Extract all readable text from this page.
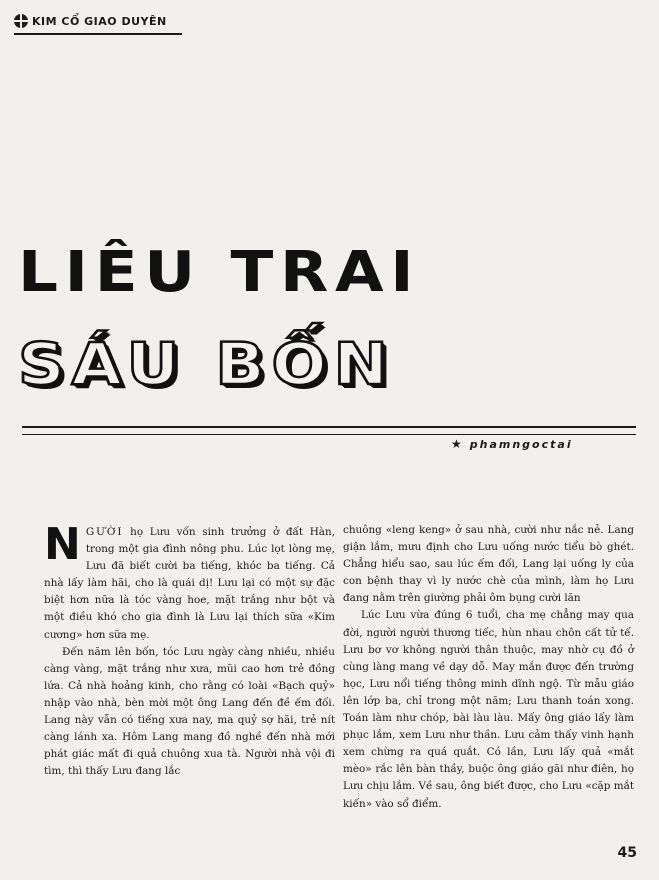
KIM CỔ GIAO DUYÊN
LIÊU TRAI
SÁU BỐN
★ phamngoctai

NGƯỜI họ Lưu vốn sinh trưởng ở đất Hàn, trong một gia đình nông phu. Lúc lọt lòng mẹ, Lưu đã biết cười ba tiếng, khóc ba tiếng. Cả nhà lấy làm hãi, cho là quái dị! Lưu lại có một sự đặc biệt hơn nữa là tóc vàng hoe, mặt trắng như bột và một điều khó cho gia đình là Lưu lại thích sữa «Kim cương» hơn sữa mẹ.

Đến năm lên bốn, tóc Lưu ngày càng nhiều, nhiều càng vàng, mặt trắng như xưa, mũi cao hơn trẻ đồng lứa. Cả nhà hoảng kinh, cho rằng có loài «Bạch quỷ» nhập vào nhà, bèn mời một ông Lang đến đề ếm đối. Lang này vẫn có tiếng xưa nay, ma quỷ sợ hãi, trẻ nít càng lánh xa. Hôm Lang mang đồ nghề đến nhà mới phát giác mất đi quả chuông xua tà. Người nhà vội đi tìm, thì thấy Lưu đang lắc

chuông «leng keng» ở sau nhà, cười như nắc nẻ. Lang giận lắm, mưu định cho Lưu uống nước tiểu bò ghét. Chẳng hiểu sao, sau lúc ếm đối, Lang lại uống ly của con bệnh thay vì ly nước chè của mình, làm họ Lưu đang nằm trên giường phải ôm bụng cười lăn

Lúc Lưu vừa đúng 6 tuổi, cha mẹ chẳng may qua đời, người người thương tiếc, hùn nhau chôn cất tử tế. Lưu bơ vơ không người thân thuộc, may nhờ cụ đồ ở cùng làng mang về dạy dỗ. May mắn được đến trường học, Lưu nổi tiếng thông minh dĩnh ngộ. Từ mẫu giáo lên lớp ba, chỉ trong một năm; Lưu thanh toán xong. Toán làm như chóp, bài làu làu. Mấy ông giáo lấy làm phục lắm, xem Lưu như thần. Lưu cảm thấy vinh hạnh xem chừng ra quá quắt. Có lần, Lưu lấy quả «mắt mèo» rắc lên bàn thầy, buộc ông giáo gãi như điên, họ Lưu chịu lắm. Về sau, ông biết được, cho Lưu «cặp mắt kiến» vào sổ điểm.

45
